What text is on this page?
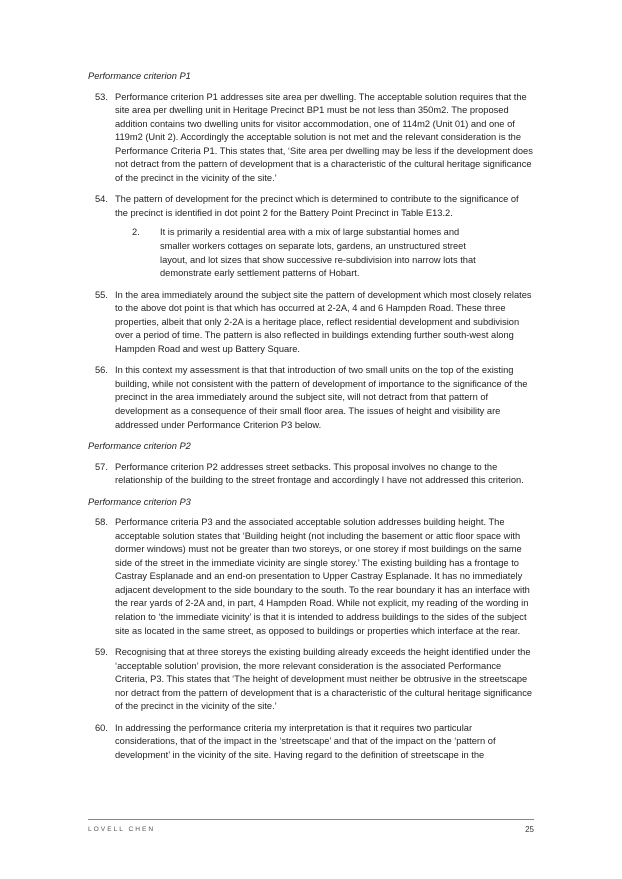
Performance criterion P1

53. Performance criterion P1 addresses site area per dwelling. The acceptable solution requires that the site area per dwelling unit in Heritage Precinct BP1 must be not less than 350m2. The proposed addition contains two dwelling units for visitor accommodation, one of 114m2 (Unit 01) and one of 119m2 (Unit 2). Accordingly the acceptable solution is not met and the relevant consideration is the Performance Criteria P1. This states that, ‘Site area per dwelling may be less if the development does not detract from the pattern of development that is a characteristic of the cultural heritage significance of the precinct in the vicinity of the site.’
54. The pattern of development for the precinct which is determined to contribute to the significance of the precinct is identified in dot point 2 for the Battery Point Precinct in Table E13.2.
2. It is primarily a residential area with a mix of large substantial homes and smaller workers cottages on separate lots, gardens, an unstructured street layout, and lot sizes that show successive re-subdivision into narrow lots that demonstrate early settlement patterns of Hobart.
55. In the area immediately around the subject site the pattern of development which most closely relates to the above dot point is that which has occurred at 2-2A, 4 and 6 Hampden Road. These three properties, albeit that only 2-2A is a heritage place, reflect residential development and subdivision over a period of time. The pattern is also reflected in buildings extending further south-west along Hampden Road and west up Battery Square.
56. In this context my assessment is that that introduction of two small units on the top of the existing building, while not consistent with the pattern of development of importance to the significance of the precinct in the area immediately around the subject site, will not detract from that pattern of development as a consequence of their small floor area. The issues of height and visibility are addressed under Performance Criterion P3 below.

Performance criterion P2

57. Performance criterion P2 addresses street setbacks. This proposal involves no change to the relationship of the building to the street frontage and accordingly I have not addressed this criterion.

Performance criterion P3

58. Performance criteria P3 and the associated acceptable solution addresses building height. The acceptable solution states that ‘Building height (not including the basement or attic floor space with dormer windows) must not be greater than two storeys, or one storey if most buildings on the same side of the street in the immediate vicinity are single storey.’ The existing building has a frontage to Castray Esplanade and an end-on presentation to Upper Castray Esplanade. It has no immediately adjacent development to the side boundary to the south. To the rear boundary it has an interface with the rear yards of 2-2A and, in part, 4 Hampden Road. While not explicit, my reading of the wording in relation to ‘the immediate vicinity’ is that it is intended to address buildings to the sides of the subject site as located in the same street, as opposed to buildings or properties which interface at the rear.
59. Recognising that at three storeys the existing building already exceeds the height identified under the ‘acceptable solution’ provision, the more relevant consideration is the associated Performance Criteria, P3. This states that ‘The height of development must neither be obtrusive in the streetscape nor detract from the pattern of development that is a characteristic of the cultural heritage significance of the precinct in the vicinity of the site.’
60. In addressing the performance criteria my interpretation is that it requires two particular considerations, that of the impact in the ‘streetscape’ and that of the impact on the ‘pattern of development’ in the vicinity of the site. Having regard to the definition of streetscape in the
LOVELL CHEN	25
